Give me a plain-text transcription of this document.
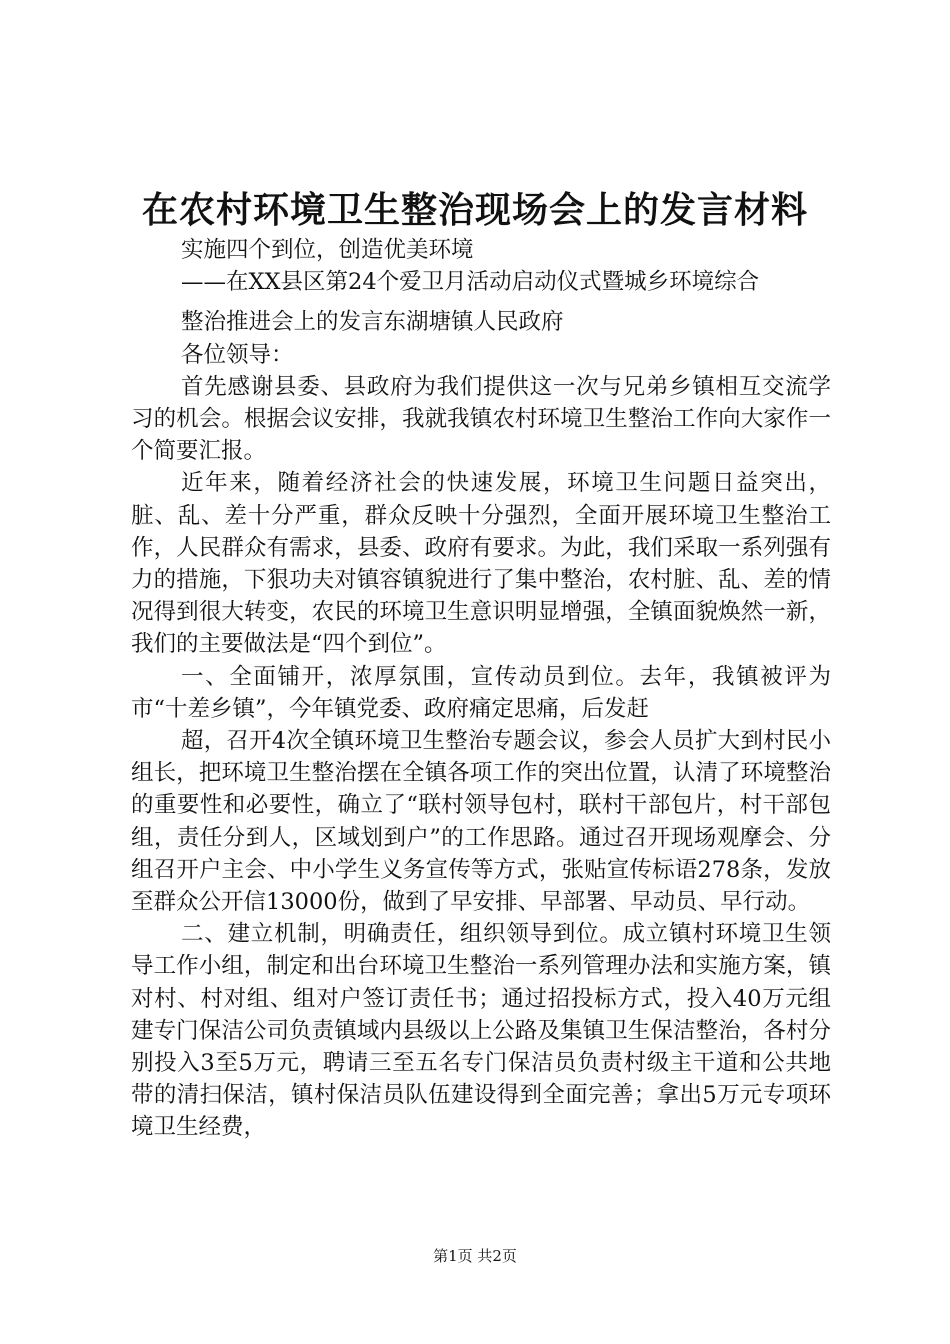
在农村环境卫生整治现场会上的发言材料

实施四个到位，创造优美环境

——在XX县区第24个爱卫月活动启动仪式暨城乡环境综合

整治推进会上的发言东湖塘镇人民政府

各位领导：

首先感谢县委、县政府为我们提供这一次与兄弟乡镇相互交流学习的机会。根据会议安排，我就我镇农村环境卫生整治工作向大家作一个简要汇报。

近年来，随着经济社会的快速发展，环境卫生问题日益突出，脏、乱、差十分严重，群众反映十分强烈，全面开展环境卫生整治工作，人民群众有需求，县委、政府有要求。为此，我们采取一系列强有力的措施，下狠功夫对镇容镇貌进行了集中整治，农村脏、乱、差的情况得到很大转变，农民的环境卫生意识明显增强，全镇面貌焕然一新，我们的主要做法是“四个到位”。

一、全面铺开，浓厚氛围，宣传动员到位。去年，我镇被评为市“十差乡镇”，今年镇党委、政府痛定思痛，后发赶

超，召开4次全镇环境卫生整治专题会议，参会人员扩大到村民小组长，把环境卫生整治摆在全镇各项工作的突出位置，认清了环境整治的重要性和必要性，确立了“联村领导包村，联村干部包片，村干部包组，责任分到人，区域划到户”的工作思路。通过召开现场观摩会、分组召开户主会、中小学生义务宣传等方式，张贴宣传标语278条，发放至群众公开信13000份，做到了早安排、早部署、早动员、早行动。

二、建立机制，明确责任，组织领导到位。成立镇村环境卫生领导工作小组，制定和出台环境卫生整治一系列管理办法和实施方案，镇对村、村对组、组对户签订责任书；通过招投标方式，投入40万元组建专门保洁公司负责镇域内县级以上公路及集镇卫生保洁整治，各村分别投入3至5万元，聘请三至五名专门保洁员负责村级主干道和公共地带的清扫保洁，镇村保洁员队伍建设得到全面完善；拿出5万元专项环境卫生经费，

第1页 共2页
